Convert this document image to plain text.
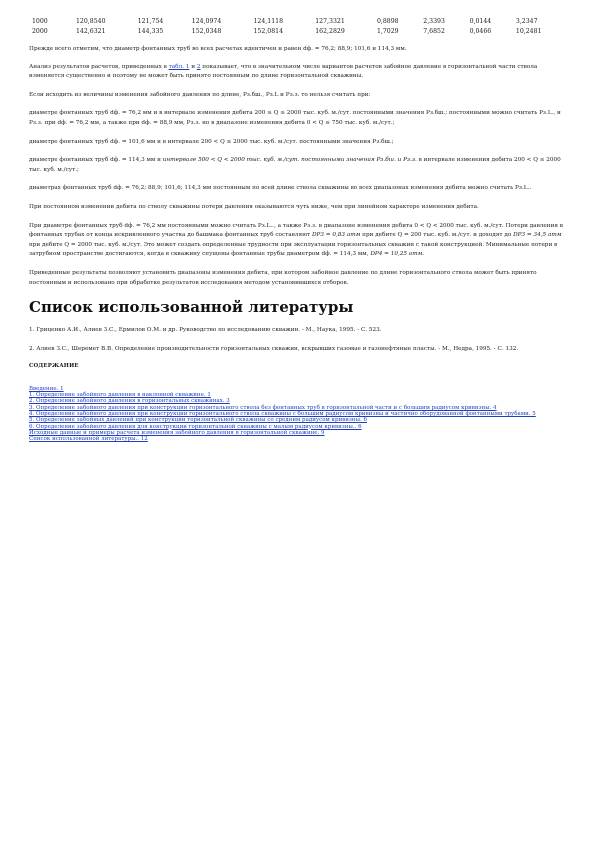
1000	120,8540	121,754	124,0974	124,1118	127,3321	0,8898	2,3393	0,0144	3,2347
2000	142,6321	144,335	152,0348	152,0814	162,2829	1,7029	7,6852	0,0466	10,2481

Прежде всего отметим, что диаметр фонтанных труб во всех расчетах идентичен и равен dф. = 76,2; 88,9; 101,6 и 114,3 мм.

Анализ результатов расчетов, приведенных в табл. 1 и 2 показывает, что в значительном числе вариантов расчетов забойное давление в горизонтальной части ствола изменяется существенно и поэтому не может быть принято постоянным по длине горизонтальной скважины.

Если исходить из величины изменения забойного давления по длине, Рз.бш., Рз.L и Рз.з. то нельзя считать при:

диаметре фонтанных труб dф. = 76,2 мм и в интервале изменения дебита 200 ≤ Q ≤ 2000 тыс. куб. м./сут. постоянными значения Рз.бш.; постоянными можно считать Рз.L., и Рз.з. при dф. = 76,2 мм, а также при dф. = 88,9 мм, Рз.з. но в диапазоне изменения дебита 0 < Q ≤ 750 тыс. куб. м./сут.;

диаметре фонтанных труб dф. = 101,6 мм и в интервале 200 < Q ≤ 2000 тыс. куб. м./сут. постоянными значения Рз.бш.;

диаметре фонтанных труб dф. = 114,3 мм и интервале 500 < Q < 2000 тыс. куб. м./сут. постоянными значения Рз.бш. и Рз.з. в интервале изменения дебита 200 < Q ≤ 2000 тыс. куб. м./сут.;

диаметрах фонтанных труб dф. = 76,2; 88,9; 101,6; 114,3 мм постоянным по всей длине ствола скважины во всех диапазонах изменения дебита можно считать Рз.L..

При постоянном изменении дебита по стволу скважины потери давления оказываются чуть ниже, чем при линейном характере изменения дебита.

При диаметре фонтанных труб dф. = 76,2 мм постоянными можно считать Рз.L.., а также Рз.з. в диапазоне изменения дебита 0 < Q < 2000 тыс. куб. м./сут. Потери давления в фонтанных трубах от конца искривленного участка до башмака фонтанных труб составляют DP3 = 0,83 атм при дебите Q = 200 тыс. куб. м./сут. и доходят до DP3 = 34,5 атм при дебите Q = 2000 тыс. куб. м./сут. Это может создать определенные трудности при эксплуатации горизонтальных скважин с такой конструкцией. Минимальные потери в затрубном пространстве достигаются, когда в скважину спущены фонтанные трубы диаметром dф. = 114,3 мм, DP4 = 10,25 атм.

Приведенные результаты позволяют установить диапазоны изменения дебита, при котором забойное давление по длине горизонтального ствола может быть принято постоянным и использовано при обработке результатов исследования методом установившихся отборов.

Список использованной литературы

1. Гриценко А.И., Алиев З.С., Ермилов О.М. и др. Руководство по исследованию скважин. - М., Наука, 1995. - С. 523.

2. Алиев З.С., Шеремет В.В. Определение производительности горизонтальных скважин, вскрывших газовые и газонефтяные пласты. - М., Недра, 1995. - С. 132.

СОДЕРЖАНИЕ

Введение. 1
1. Определение забойного давления в наклонной скважине. 1
2. Определение забойного давления в горизонтальных скважинах. 3
3. Определение забойного давления при конструкции горизонтального ствола без фонтанных труб в горизонтальной части и с большим радиусом кривизны. 4
4. Определение забойного давления при конструкции горизонтального ствола скважины с большим радиусом кривизны и частично оборудованной фонтанными трубами. 5
5. Определение забойных давлений при конструкции горизонтальной скважины со средним радиусом кривизны. 6
6. Определение забойного давления для конструкции горизонтальной скважины с малым радиусом кривизны.. 6
Исходные данные и примеры расчета изменения забойного давления в горизонтальной скважине. 9
Список использованной литературы.. 12
